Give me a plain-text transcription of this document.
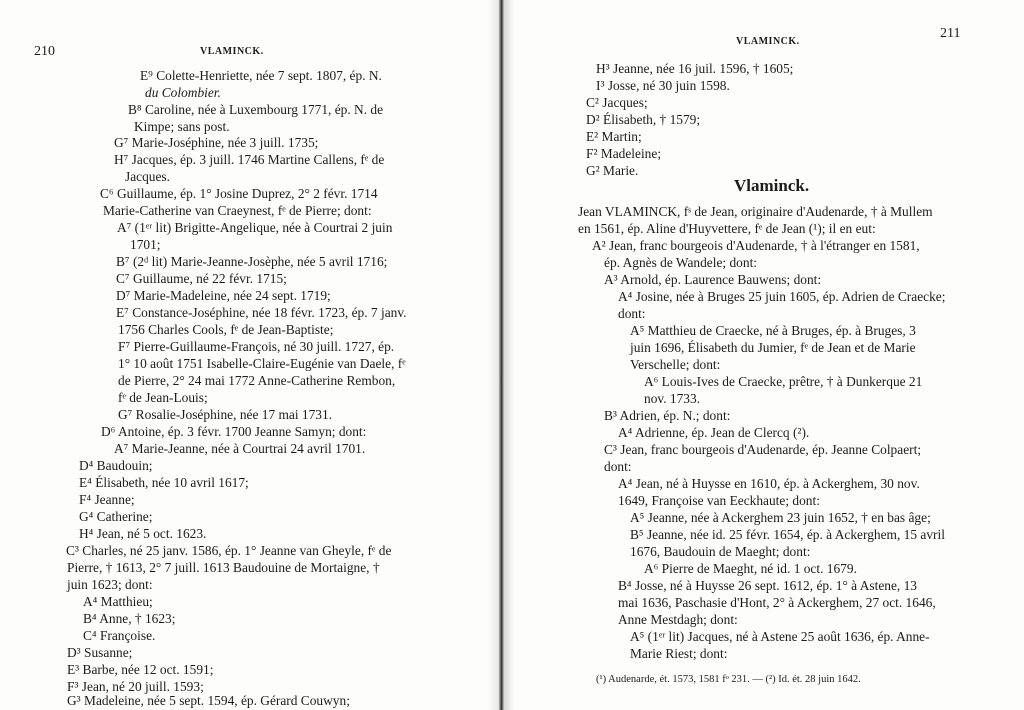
210	VLAMINCK.
E⁹ Colette-Henriette, née 7 sept. 1807, ép. N.
du Colombier.
B⁸ Caroline, née à Luxembourg 1771, ép. N. de
Kimpe; sans post.
G⁷ Marie-Joséphine, née 3 juill. 1735;
H⁷ Jacques, ép. 3 juill. 1746 Martine Callens, fᵉ de
Jacques.
C⁶ Guillaume, ép. 1° Josine Duprez, 2° 2 févr. 1714
Marie-Catherine van Craeynest, fᵉ de Pierre; dont:
A⁷ (1ᵉʳ lit) Brigitte-Angelique, née à Courtrai 2 juin
1701;
B⁷ (2ᵈ lit) Marie-Jeanne-Josèphe, née 5 avril 1716;
C⁷ Guillaume, né 22 févr. 1715;
D⁷ Marie-Madeleine, née 24 sept. 1719;
E⁷ Constance-Joséphine, née 18 févr. 1723, ép. 7 janv.
1756 Charles Cools, fᵉ de Jean-Baptiste;
F⁷ Pierre-Guillaume-François, né 30 juill. 1727, ép.
1° 10 août 1751 Isabelle-Claire-Eugénie van Daele, fᵉ
de Pierre, 2° 24 mai 1772 Anne-Catherine Rembon,
fᵉ de Jean-Louis;
G⁷ Rosalie-Joséphine, née 17 mai 1731.
D⁶ Antoine, ép. 3 févr. 1700 Jeanne Samyn; dont:
A⁷ Marie-Jeanne, née à Courtrai 24 avril 1701.
D⁴ Baudouin;
E⁴ Élisabeth, née 10 avril 1617;
F⁴ Jeanne;
G⁴ Catherine;
H⁴ Jean, né 5 oct. 1623.
C³ Charles, né 25 janv. 1586, ép. 1° Jeanne van Gheyle, fᵉ de
Pierre, † 1613, 2° 7 juill. 1613 Baudouine de Mortaigne, †
juin 1623; dont:
A⁴ Matthieu;
B⁴ Anne, † 1623;
C⁴ Françoise.
D³ Susanne;
E³ Barbe, née 12 oct. 1591;
F³ Jean, né 20 juill. 1593;
G³ Madeleine, née 5 sept. 1594, ép. Gérard Couwyn;
VLAMINCK.
211
H³ Jeanne, née 16 juil. 1596, † 1605;
I³ Josse, né 30 juin 1598.
C² Jacques;
D² Élisabeth, † 1579;
E² Martin;
F² Madeleine;
G² Marie.
Vlaminck.
Jean VLAMINCK, fˢ de Jean, originaire d'Audenarde, † à Mullem
en 1561, ép. Aline d'Huyvettere, fᵉ de Jean (¹); il en eut:
A² Jean, franc bourgeois d'Audenarde, † à l'étranger en 1581,
ép. Agnès de Wandele; dont:
A³ Arnold, ép. Laurence Bauwens; dont:
A⁴ Josine, née à Bruges 25 juin 1605, ép. Adrien de Craecke;
dont:
A⁵ Matthieu de Craecke, né à Bruges, ép. à Bruges, 3
juin 1696, Élisabeth du Jumier, fᵉ de Jean et de Marie
Verschelle; dont:
A⁶ Louis-Ives de Craecke, prêtre, † à Dunkerque 21
nov. 1733.
B³ Adrien, ép. N.; dont:
A⁴ Adrienne, ép. Jean de Clercq (²).
C³ Jean, franc bourgeois d'Audenarde, ép. Jeanne Colpaert;
dont:
A⁴ Jean, né à Huysse en 1610, ép. à Ackerghem, 30 nov.
1649, Françoise van Eeckhaute; dont:
A⁵ Jeanne, née à Ackerghem 23 juin 1652, † en bas âge;
B⁵ Jeanne, née id. 25 févr. 1654, ép. à Ackerghem, 15 avril
1676, Baudouin de Maeght; dont:
A⁶ Pierre de Maeght, né id. 1 oct. 1679.
B⁴ Josse, né à Huysse 26 sept. 1612, ép. 1° à Astene, 13
mai 1636, Paschasie d'Hont, 2° à Ackerghem, 27 oct. 1646,
Anne Mestdagh; dont:
A⁵ (1ᵉʳ lit) Jacques, né à Astene 25 août 1636, ép. Anne-
Marie Riest; dont:
(¹) Audenarde, ét. 1573, 1581 fᵒ 231. — (²) Id. ét. 28 juin 1642.
